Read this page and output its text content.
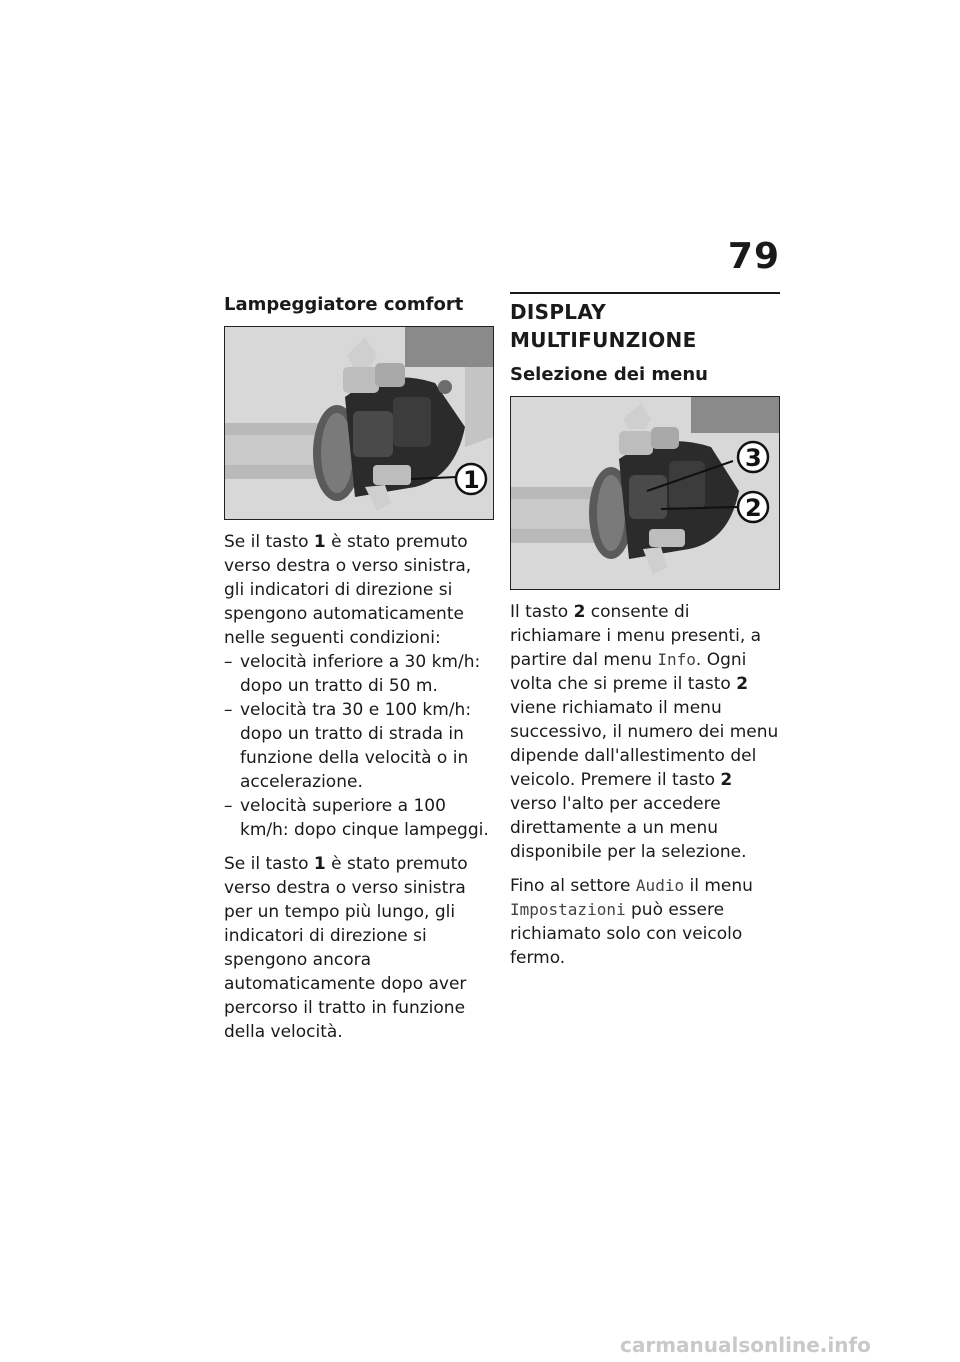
79
Lampeggiatore comfort
1

Se il tasto 1 è stato premuto verso destra o verso sinistra, gli indicatori di direzione si spengono automaticamente nelle seguenti condizioni:

– velocità inferiore a 30 km/h: dopo un tratto di 50 m.
– velocità tra 30 e 100 km/h: dopo un tratto di strada in funzione della velocità o in accelerazione.
– velocità superiore a 100 km/h: dopo cinque lampeggi.

Se il tasto 1 è stato premuto verso destra o verso sinistra per un tempo più lungo, gli indicatori di direzione si spengono ancora automaticamente dopo aver percorso il tratto in funzione della velocità.

DISPLAY MULTIFUNZIONE
Selezione dei menu
3
2

Il tasto 2 consente di richiamare i menu presenti, a partire dal menu Info. Ogni volta che si preme il tasto 2 viene richiamato il menu successivo, il numero dei menu dipende dall'allestimento del veicolo. Premere il tasto 2 verso l'alto per accedere direttamente a un menu disponibile per la selezione.

Fino al settore Audio il menu Impostazioni può essere richiamato solo con veicolo fermo.

carmanualsonline.info
